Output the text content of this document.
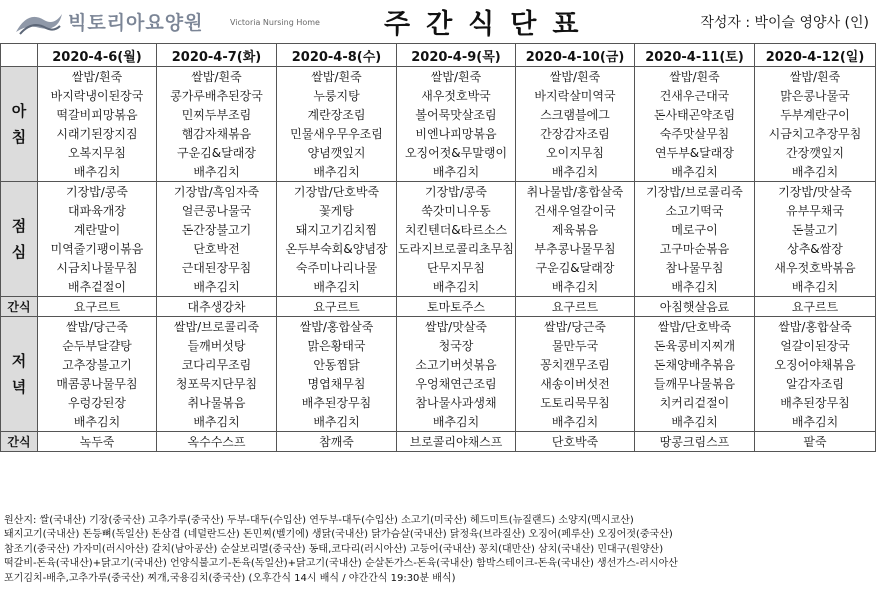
빅토리아요양원	Victoria Nursing Home 주간식단표	작성자 : 박이슬 영양사 (인)
	2020-4-6(월)	2020-4-7(화)	2020-4-8(수)	2020-4-9(목)	2020-4-10(금)	2020-4-11(토)	2020-4-12(일)

아
침	쌀밥/흰죽	쌀밥/흰죽	쌀밥/흰죽	쌀밥/흰죽	쌀밥/흰죽	쌀밥/흰죽	쌀밥/흰죽
	바지락냉이된장국	콩가루배추된장국	누룽지탕	새우젓호박국	바지락살미역국	건새우근대국	맑은콩나물국
	떡갈비피망볶음	민찌두부조림	계란장조림	볼어묵맛살조림	스크램블에그	돈사태곤약조림	두부계란구이
	시래기된장지짐	햄감자채볶음	민물새우무우조림	비엔나피망볶음	간장감자조림	숙주맛살무침	시금치고추장무침
	오복지무침	구운김&달래장	양념깻잎지	오징어젓&무말랭이	오이지무침	연두부&달래장	간장깻잎지
	배추김치	배추김치	배추김치	배추김치	배추김치	배추김치	배추김치

점
심	기장밥/콩죽	기장밥/흑임자죽	기장밥/단호박죽	기장밥/콩죽	취나물밥/홍합살죽	기장밥/브로콜리죽	기장밥/맛살죽
	대파육개장	얼큰콩나물국	꽃게탕	쑥갓미니우동	건새우얼갈이국	소고기떡국	유부무채국
	계란말이	돈간장불고기	돼지고기김치찜	치킨텐더&타르소스	제육볶음	메로구이	돈불고기
	미역줄기팽이볶음	단호박전	온두부숙회&양념장	도라지브로콜리초무침	부추콩나물무침	고구마순볶음	상추&쌈장
	시금치나물무침	근대된장무침	숙주미나리나물	단무지무침	구운김&달래장	참나물무침	새우젓호박볶음
	배추겉절이	배추김치	배추김치	배추김치	배추김치	배추김치	배추김치
간식	요구르트	대추생강차	요구르트	토마토주스	요구르트	아침햇살음료	요구르트

저
녁	쌀밥/당근죽	쌀밥/브로콜리죽	쌀밥/홍합살죽	쌀밥/맛살죽	쌀밥/당근죽	쌀밥/단호박죽	쌀밥/홍합살죽
	순두부달걀탕	들깨버섯탕	맑은황태국	청국장	물만두국	돈육콩비지찌개	얼갈이된장국
	고추장불고기	코다리무조림	안동찜닭	소고기버섯볶음	꽁치캔무조림	돈채양배추볶음	오징어야채볶음
	매콤콩나물무침	청포묵지단무침	명엽채무침	우엉채연근조림	새송이버섯전	들깨무나물볶음	알감자조림
	우렁강된장	취나물볶음	배추된장무침	참나물사과생채	도토리묵무침	치커리겉절이	배추된장무침
	배추김치	배추김치	배추김치	배추김치	배추김치	배추김치	배추김치
간식	녹두죽	옥수수스프	참깨죽	브로콜리야채스프	단호박죽	땅콩크림스프	팥죽
원산지: 쌀(국내산) 기장(중국산) 고추가루(중국산) 두부-대두(수입산) 연두부-대두(수입산) 소고기(미국산) 헤드미트(뉴질랜드) 소양지(멕시코산)
돼지고기(국내산) 돈등뼈(독일산) 돈삼겹 (네덜란드산) 돈민찌(벨기에) 생닭(국내산) 닭가슴살(국내산) 닭정육(브라질산) 오징어(페루산) 오징어젓(중국산)
참조기(중국산) 가자미(러시아산) 갈치(남아공산) 순살보리멸(중국산) 동태,코다리(러시아산) 고등어(국내산) 꽁치(대만산) 삼치(국내산) 민대구(원양산)
떡갈비-돈육(국내산)+닭고기(국내산) 언양식불고기-돈육(독일산)+닭고기(국내산) 순살돈가스-돈육(국내산) 함박스테이크-돈육(국내산) 생선가스-러시아산
포기김치-배추,고추가루(중국산) 찌개,국용김치(중국산) (오후간식 14시 배식 / 야간간식 19:30분 배식)
